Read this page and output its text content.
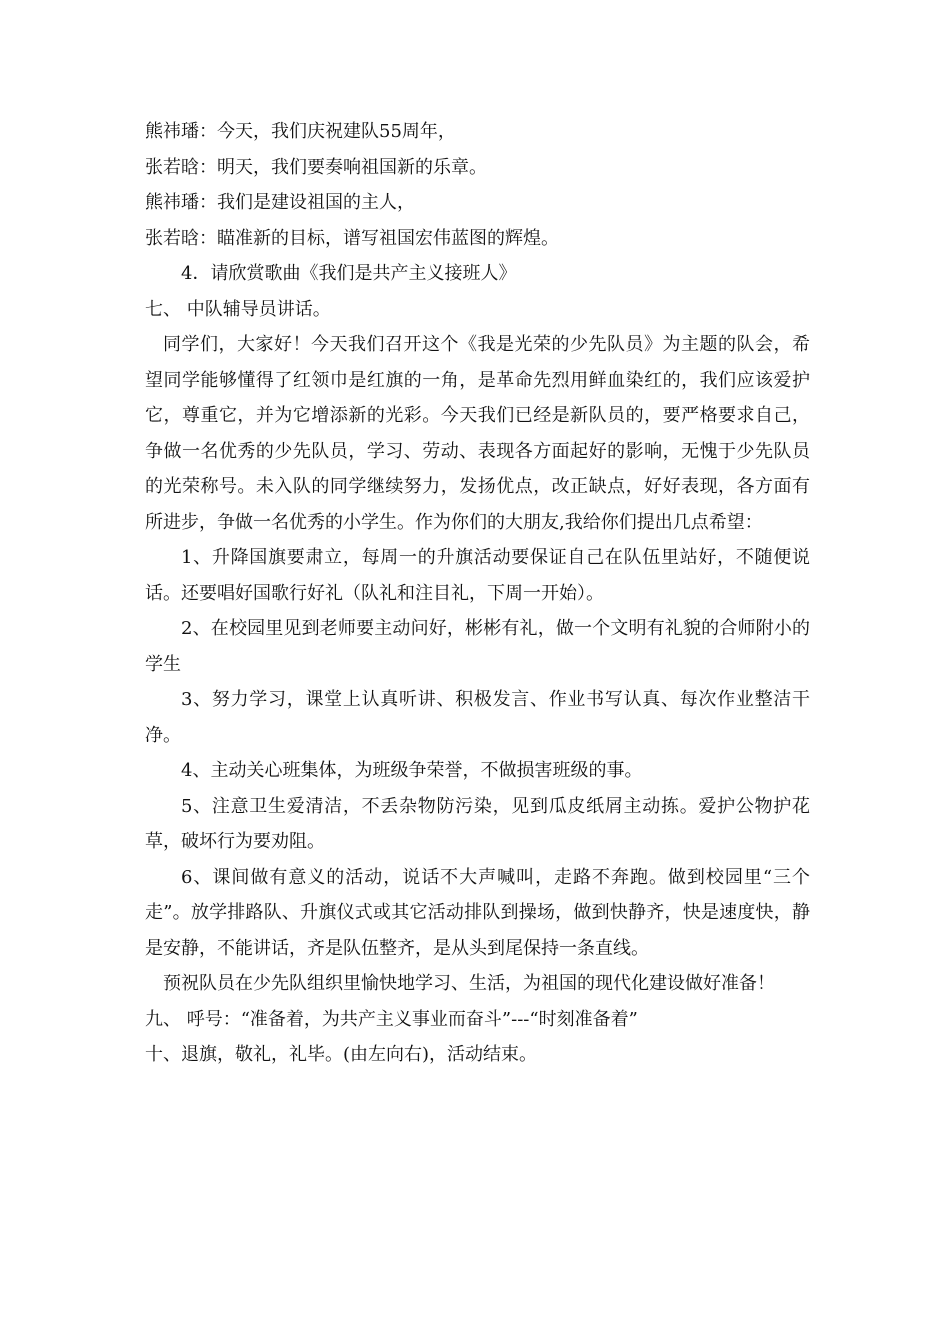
熊祎璠：今天，我们庆祝建队55周年，

张若晗：明天，我们要奏响祖国新的乐章。

熊祎璠：我们是建设祖国的主人，

张若晗：瞄准新的目标，谱写祖国宏伟蓝图的辉煌。

4．请欣赏歌曲《我们是共产主义接班人》

七、 中队辅导员讲话。

同学们，大家好！今天我们召开这个《我是光荣的少先队员》为主题的队会，希望同学能够懂得了红领巾是红旗的一角，是革命先烈用鲜血染红的，我们应该爱护它，尊重它，并为它增添新的光彩。今天我们已经是新队员的，要严格要求自己，争做一名优秀的少先队员，学习、劳动、表现各方面起好的影响，无愧于少先队员的光荣称号。未入队的同学继续努力，发扬优点，改正缺点，好好表现，各方面有所进步，争做一名优秀的小学生。作为你们的大朋友,我给你们提出几点希望：

1、升降国旗要肃立，每周一的升旗活动要保证自己在队伍里站好，不随便说话。还要唱好国歌行好礼（队礼和注目礼，下周一开始）。

2、在校园里见到老师要主动问好，彬彬有礼，做一个文明有礼貌的合师附小的学生

3、努力学习，课堂上认真听讲、积极发言、作业书写认真、每次作业整洁干净。

4、主动关心班集体，为班级争荣誉，不做损害班级的事。

5、注意卫生爱清洁，不丢杂物防污染，见到瓜皮纸屑主动拣。爱护公物护花草，破坏行为要劝阻。

6、课间做有意义的活动，说话不大声喊叫，走路不奔跑。做到校园里“三个走”。放学排路队、升旗仪式或其它活动排队到操场，做到快静齐，快是速度快，静是安静，不能讲话，齐是队伍整齐，是从头到尾保持一条直线。

预祝队员在少先队组织里愉快地学习、生活，为祖国的现代化建设做好准备！

九、 呼号：“准备着，为共产主义事业而奋斗”---“时刻准备着”

十、退旗，敬礼，礼毕。(由左向右)，活动结束。
